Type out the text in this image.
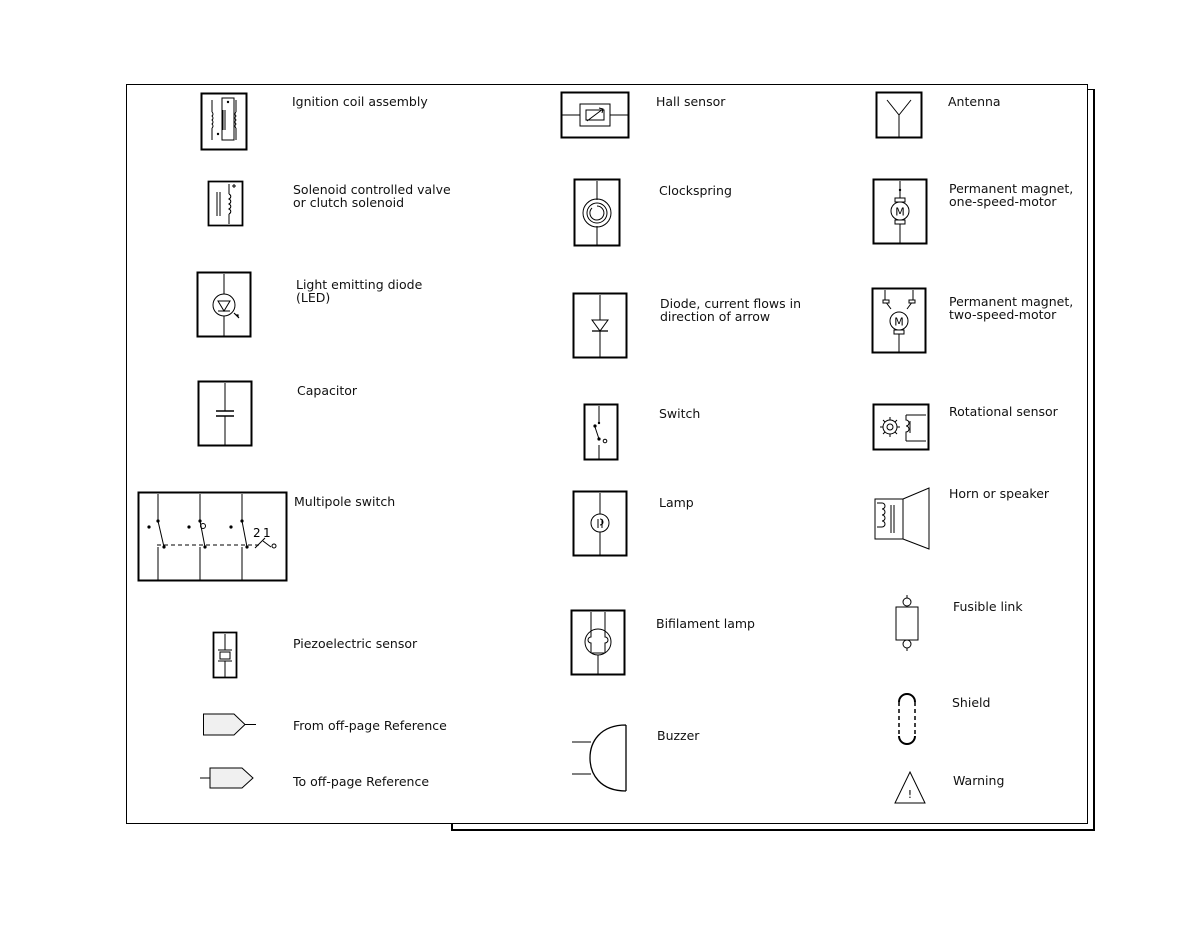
Ignition coil assembly
Solenoid controlled valve
or clutch solenoid
Light emitting diode
(LED)
Capacitor
2 1
Multipole switch
Piezoelectric sensor
From off-page Reference
To off-page Reference
Hall sensor
Clockspring
Diode, current flows in
direction of arrow
Switch
Lamp
Bifilament lamp
Buzzer
Antenna
M
Permanent magnet,
one-speed-motor
M
Permanent magnet,
two-speed-motor
Rotational sensor
Horn or speaker
Fusible link
Shield
!
Warning
